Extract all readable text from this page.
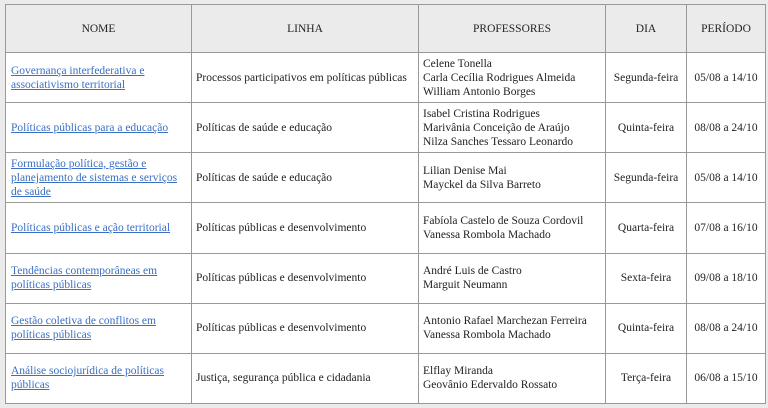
NOME	LINHA	PROFESSORES	DIA	PERÍODO
Governança interfederativa e associativismo territorial	Processos participativos em políticas públicas	Celene Tonella
Carla Cecília Rodrigues Almeida
William Antonio Borges	Segunda-feira	05/08 a 14/10
Políticas públicas para a educação	Políticas de saúde e educação	Isabel Cristina Rodrigues
Marivânia Conceição de Araújo
Nilza Sanches Tessaro Leonardo	Quinta-feira	08/08 a 24/10
Formulação política, gestão e planejamento de sistemas e serviços de saúde	Políticas de saúde e educação	Lilian Denise Mai
Mayckel da Silva Barreto	Segunda-feira	05/08 a 14/10
Políticas públicas e ação territorial	Políticas públicas e desenvolvimento	Fabíola Castelo de Souza Cordovil
Vanessa Rombola Machado	Quarta-feira	07/08 a 16/10
Tendências contemporâneas em políticas públicas	Políticas públicas e desenvolvimento	André Luis de Castro
Marguit Neumann	Sexta-feira	09/08 a 18/10
Gestão coletiva de conflitos em políticas públicas	Políticas públicas e desenvolvimento	Antonio Rafael Marchezan Ferreira
Vanessa Rombola Machado	Quinta-feira	08/08 a 24/10
Análise sociojurídica de políticas públicas	Justiça, segurança pública e cidadania	Elflay Miranda
Geovânio Edervaldo Rossato	Terça-feira	06/08 a 15/10
